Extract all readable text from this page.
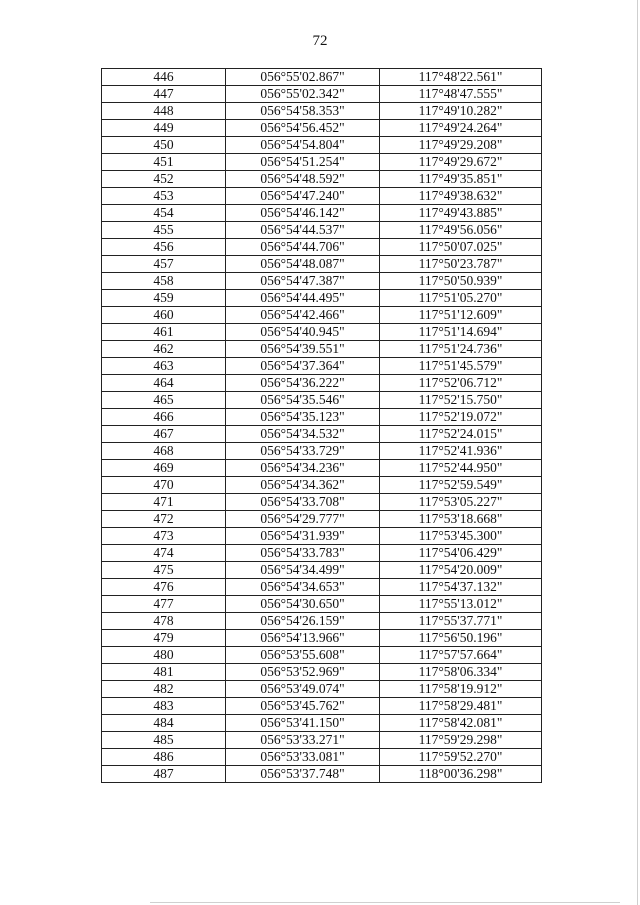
72
446	056°55'02.867"	117°48'22.561"
447	056°55'02.342"	117°48'47.555"
448	056°54'58.353"	117°49'10.282"
449	056°54'56.452"	117°49'24.264"
450	056°54'54.804"	117°49'29.208"
451	056°54'51.254"	117°49'29.672"
452	056°54'48.592"	117°49'35.851"
453	056°54'47.240"	117°49'38.632"
454	056°54'46.142"	117°49'43.885"
455	056°54'44.537"	117°49'56.056"
456	056°54'44.706"	117°50'07.025"
457	056°54'48.087"	117°50'23.787"
458	056°54'47.387"	117°50'50.939"
459	056°54'44.495"	117°51'05.270"
460	056°54'42.466"	117°51'12.609"
461	056°54'40.945"	117°51'14.694"
462	056°54'39.551"	117°51'24.736"
463	056°54'37.364"	117°51'45.579"
464	056°54'36.222"	117°52'06.712"
465	056°54'35.546"	117°52'15.750"
466	056°54'35.123"	117°52'19.072"
467	056°54'34.532"	117°52'24.015"
468	056°54'33.729"	117°52'41.936"
469	056°54'34.236"	117°52'44.950"
470	056°54'34.362"	117°52'59.549"
471	056°54'33.708"	117°53'05.227"
472	056°54'29.777"	117°53'18.668"
473	056°54'31.939"	117°53'45.300"
474	056°54'33.783"	117°54'06.429"
475	056°54'34.499"	117°54'20.009"
476	056°54'34.653"	117°54'37.132"
477	056°54'30.650"	117°55'13.012"
478	056°54'26.159"	117°55'37.771"
479	056°54'13.966"	117°56'50.196"
480	056°53'55.608"	117°57'57.664"
481	056°53'52.969"	117°58'06.334"
482	056°53'49.074"	117°58'19.912"
483	056°53'45.762"	117°58'29.481"
484	056°53'41.150"	117°58'42.081"
485	056°53'33.271"	117°59'29.298"
486	056°53'33.081"	117°59'52.270"
487	056°53'37.748"	118°00'36.298"
